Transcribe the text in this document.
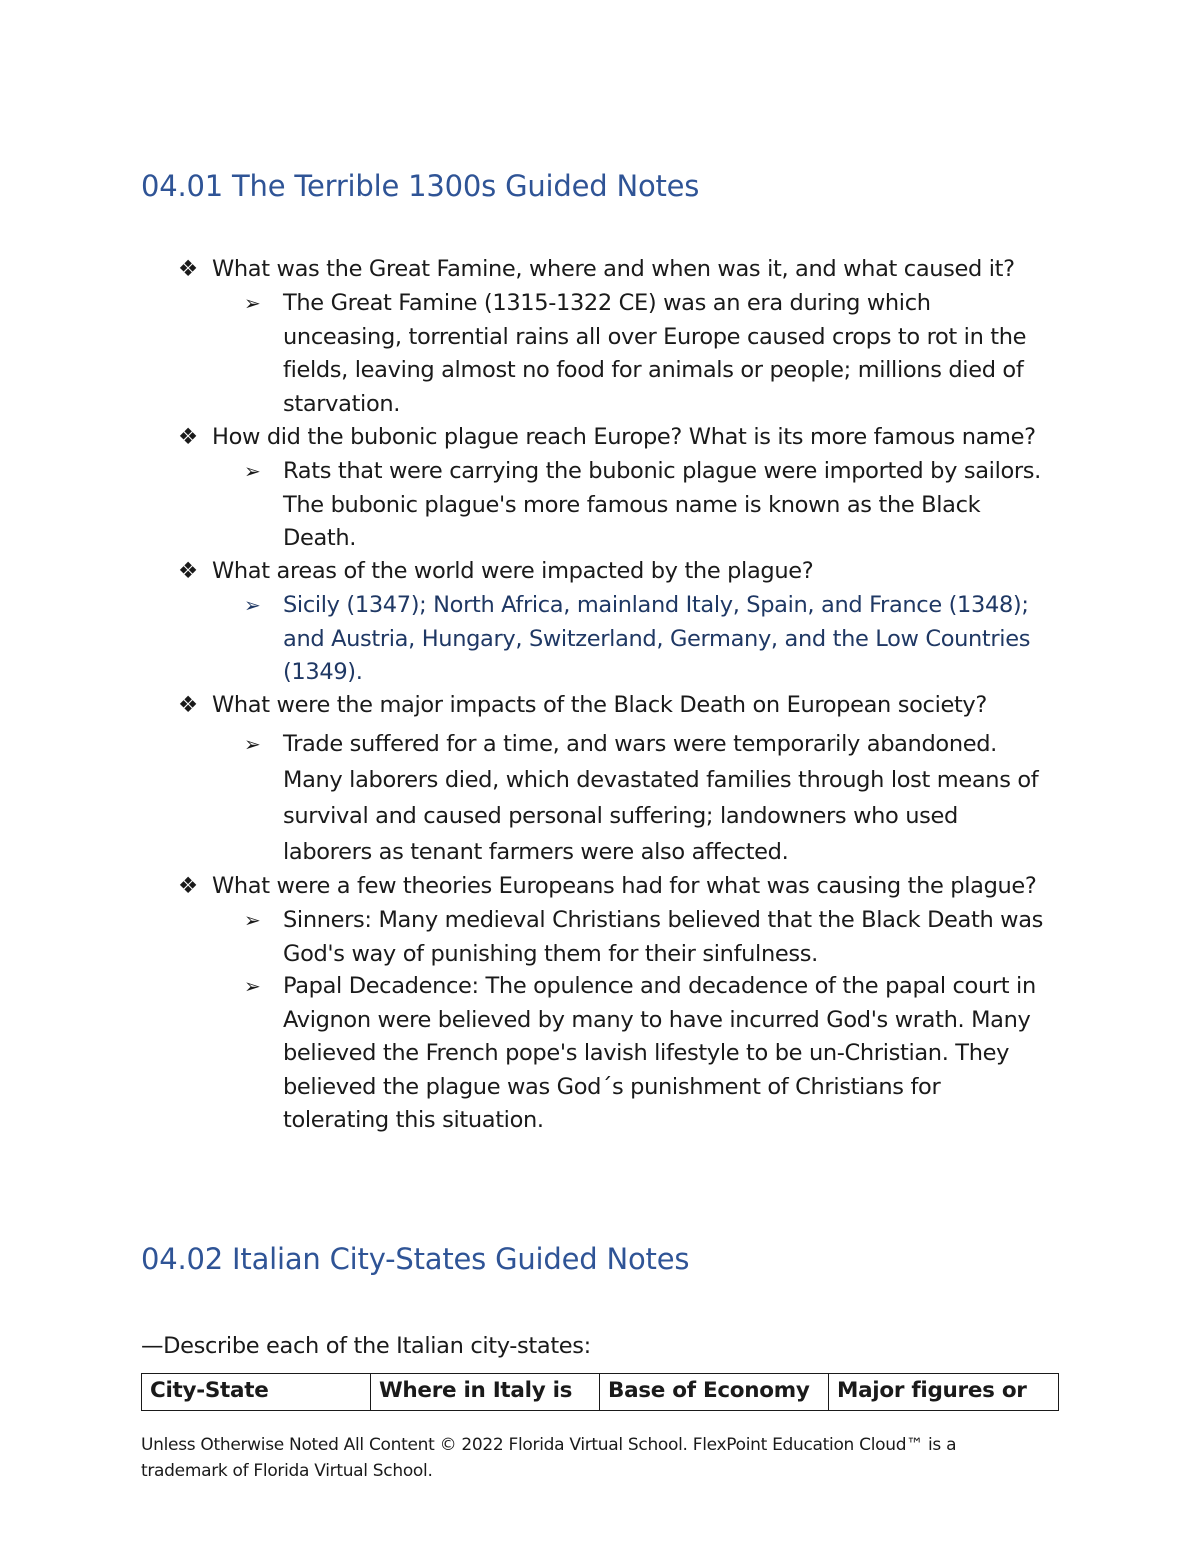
04.01 The Terrible 1300s Guided Notes
❖ What was the Great Famine, where and when was it, and what caused it?
➢ The Great Famine (1315-1322 CE) was an era during which
unceasing, torrential rains all over Europe caused crops to rot in the
fields, leaving almost no food for animals or people; millions died of
starvation.
❖ How did the bubonic plague reach Europe? What is its more famous name?
➢ Rats that were carrying the bubonic plague were imported by sailors.
The bubonic plague's more famous name is known as the Black
Death.
❖ What areas of the world were impacted by the plague?
➢ Sicily (1347); North Africa, mainland Italy, Spain, and France (1348);
and Austria, Hungary, Switzerland, Germany, and the Low Countries
(1349).
❖ What were the major impacts of the Black Death on European society?
➢ Trade suffered for a time, and wars were temporarily abandoned.
Many laborers died, which devastated families through lost means of
survival and caused personal suffering; landowners who used
laborers as tenant farmers were also affected.
❖ What were a few theories Europeans had for what was causing the plague?
➢ Sinners: Many medieval Christians believed that the Black Death was
God's way of punishing them for their sinfulness.
➢ Papal Decadence: The opulence and decadence of the papal court in
Avignon were believed by many to have incurred God's wrath. Many
believed the French pope's lavish lifestyle to be un-Christian. They
believed the plague was God´s punishment of Christians for
tolerating this situation.
04.02 Italian City-States Guided Notes
—Describe each of the Italian city-states:
City-State	Where in Italy is	Base of Economy	Major figures or
Unless Otherwise Noted All Content © 2022 Florida Virtual School. FlexPoint Education Cloud™ is a
trademark of Florida Virtual School.
